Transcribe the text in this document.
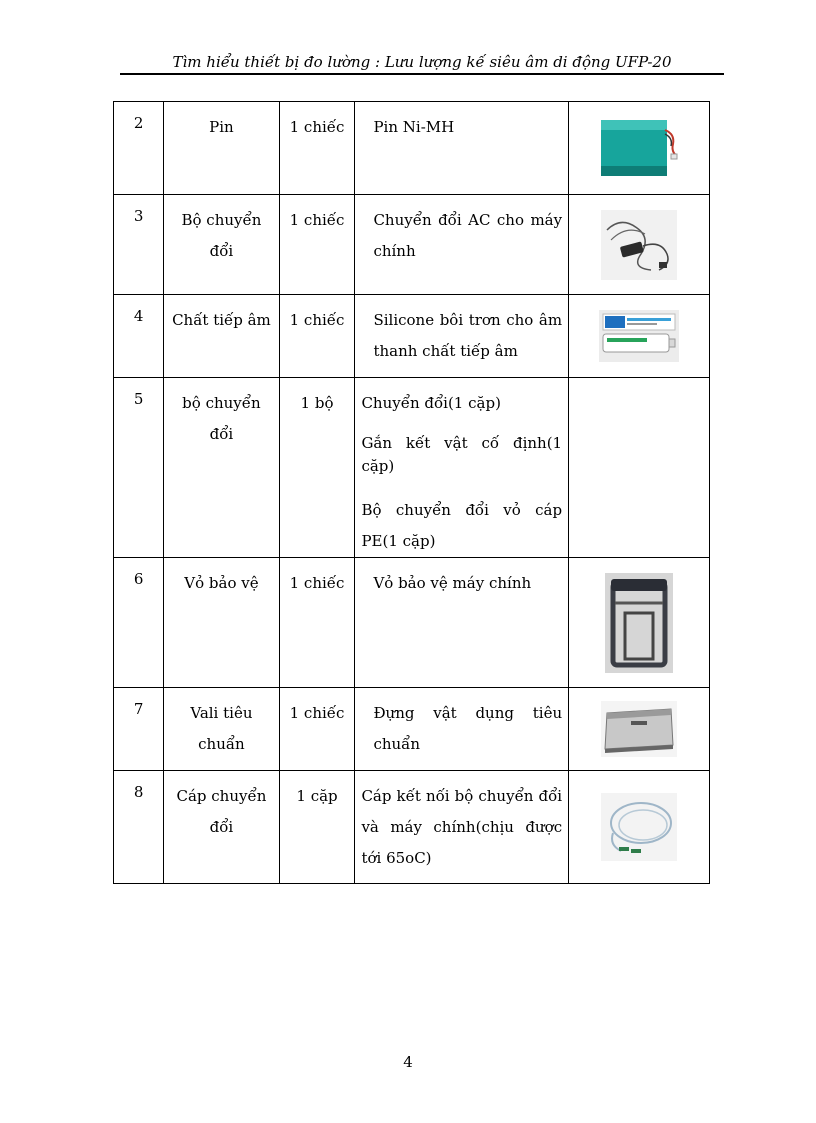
Tìm hiểu thiết bị đo lường : Lưu lượng kế siêu âm di động UFP-20
2	Pin	1 chiếc	Pin Ni-MH

3	Bộ chuyển đổi	1 chiếc	Chuyển đổi AC cho máy chính

4	Chất tiếp âm	1 chiếc	Silicone bôi trơn cho âm thanh chất tiếp âm

5	bộ chuyển đổi	1 bộ	Chuyển đổi(1 cặp)
Gắn kết vật cố định(1 cặp)
Bộ chuyển đổi vỏ cáp PE(1 cặp)	

6	Vỏ bảo vệ	1 chiếc	Vỏ bảo vệ máy chính

7	Vali tiêu chuẩn	1 chiếc	Đựng vật dụng tiêu chuẩn

8	Cáp chuyển đổi	1 cặp	Cáp kết nối bộ chuyển đổi và máy chính(chịu được tới 65oC)

4
